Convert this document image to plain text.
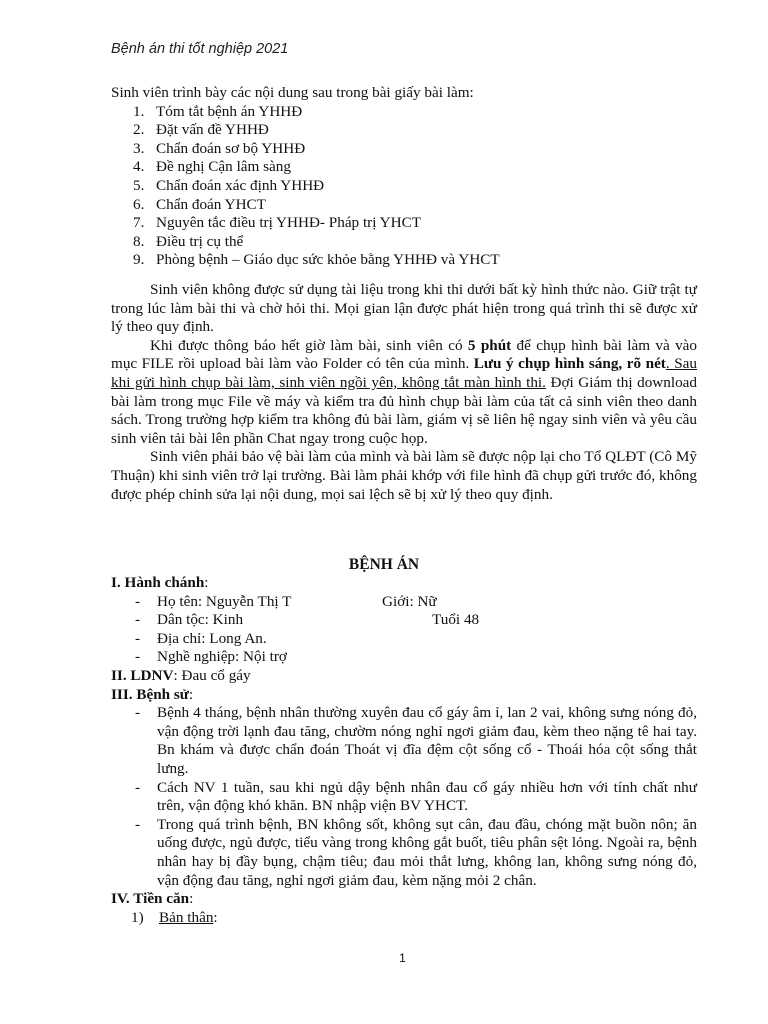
Bệnh án thi tốt nghiệp 2021
Sinh viên trình bày các nội dung sau trong bài giấy bài làm:
1. Tóm tắt bệnh án YHHĐ
2. Đặt vấn đề YHHĐ
3. Chẩn đoán sơ bộ YHHĐ
4. Đề nghị Cận lâm sàng
5. Chẩn đoán xác định YHHĐ
6. Chẩn đoán YHCT
7. Nguyên tắc điều trị YHHĐ- Pháp trị YHCT
8. Điều trị cụ thể
9. Phòng bệnh – Giáo dục sức khỏe bằng YHHĐ và YHCT

Sinh viên không được sử dụng tài liệu trong khi thi dưới bất kỳ hình thức nào. Giữ trật tự trong lúc làm bài thi và chờ hỏi thi. Mọi gian lận được phát hiện trong quá trình thi sẽ được xử lý theo quy định.

Khi được thông báo hết giờ làm bài, sinh viên có 5 phút để chụp hình bài làm và vào mục FILE rồi upload bài làm vào Folder có tên của mình. Lưu ý chụp hình sáng, rõ nét. Sau khi gửi hình chụp bài làm, sinh viên ngồi yên, không tắt màn hình thi. Đợi Giám thị download bài làm trong mục File về máy và kiểm tra đủ hình chụp bài làm của tất cả sinh viên theo danh sách. Trong trường hợp kiểm tra không đủ bài làm, giám vị sẽ liên hệ ngay sinh viên và yêu cầu sinh viên tải bài lên phần Chat ngay trong cuộc họp.

Sinh viên phải bảo vệ bài làm của mình và bài làm sẽ được nộp lại cho Tổ QLĐT (Cô Mỹ Thuận) khi sinh viên trở lại trường. Bài làm phải khớp với file hình đã chụp gửi trước đó, không được phép chỉnh sửa lại nội dung, mọi sai lệch sẽ bị xử lý theo quy định.

BỆNH ÁN
I. Hành chánh:
-	Họ tên: Nguyễn Thị T	Giới: Nữ
-	Dân tộc: Kinh	Tuổi 48
-	Địa chỉ: Long An.
-	Nghề nghiệp: Nội trợ
II. LDNV: Đau cổ gáy
III. Bệnh sử:
-	Bệnh 4 tháng, bệnh nhân thường xuyên đau cổ gáy âm ỉ, lan 2 vai, không sưng nóng đỏ, vận động trời lạnh đau tăng, chườm nóng nghỉ ngơi giảm đau, kèm theo nặng tê hai tay. Bn khám và được chẩn đoán Thoát vị đĩa đệm cột sống cổ - Thoái hóa cột sống thắt lưng.
-	Cách NV 1 tuần, sau khi ngủ dậy bệnh nhân đau cổ gáy nhiều hơn với tính chất như trên, vận động khó khăn. BN nhập viện BV YHCT.
-	Trong quá trình bệnh, BN không sốt, không sụt cân, đau đầu, chóng mặt buồn nôn; ăn uống được, ngủ được, tiểu vàng trong không gắt buốt, tiêu phân sệt lỏng. Ngoài ra, bệnh nhân hay bị đầy bụng, chậm tiêu; đau mỏi thắt lưng, không lan, không sưng nóng đỏ, vận động đau tăng, nghỉ ngơi giảm đau, kèm nặng mỏi 2 chân.
IV. Tiền căn:
1)	Bản thân:
1
